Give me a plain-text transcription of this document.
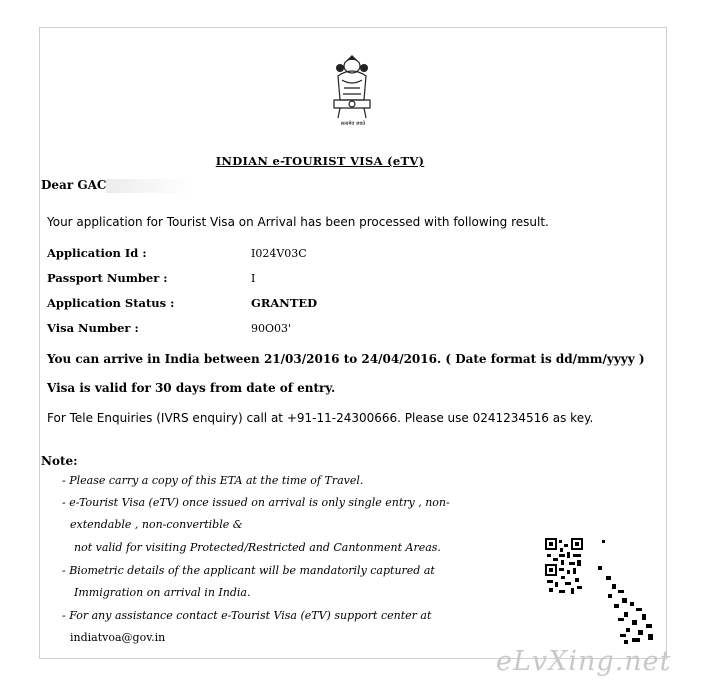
सत्यमेव जयते
INDIAN e-TOURIST VISA (eTV)
Dear GAC
Your application for Tourist Visa on Arrival has been processed with following result.
Application Id :	I024V03C
Passport Number :	I
Application Status :	GRANTED
Visa Number :	90O03'
You can arrive in India between 21/03/2016 to 24/04/2016. ( Date format is dd/mm/yyyy )
Visa is valid for 30 days from date of entry.
For Tele Enquiries (IVRS enquiry) call at +91-11-24300666. Please use 0241234516 as key.
Note:
- Please carry a copy of this ETA at the time of Travel.
- e-Tourist Visa (eTV) once issued on arrival is only single entry , non-
extendable , non-convertible &
not valid for visiting Protected/Restricted and Cantonment Areas.
- Biometric details of the applicant will be mandatorily captured at
Immigration on arrival in India.
- For any assistance contact e-Tourist Visa (eTV) support center at
indiatvoa@gov.in
eLvXing.net
